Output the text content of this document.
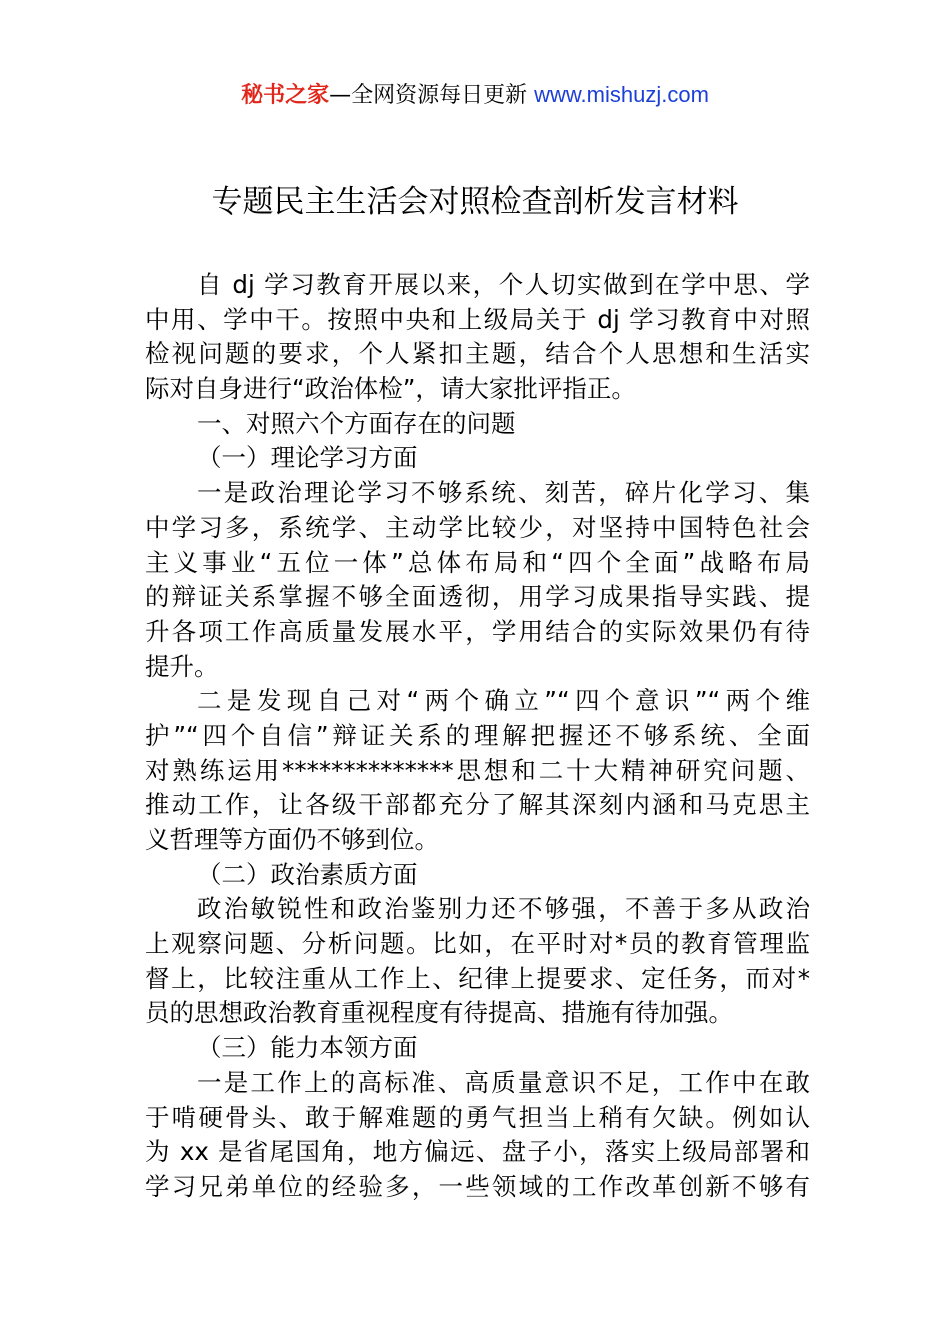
秘书之家—全网资源每日更新 www.mishuzj.com
专题民主生活会对照检查剖析发言材料
自 dj 学习教育开展以来，个人切实做到在学中思、学
中用、学中干。按照中央和上级局关于 dj 学习教育中对照
检视问题的要求，个人紧扣主题，结合个人思想和生活实
际对自身进行“政治体检”，请大家批评指正。
一、对照六个方面存在的问题
（一）理论学习方面
一是政治理论学习不够系统、刻苦，碎片化学习、集
中学习多，系统学、主动学比较少，对坚持中国特色社会
主义事业“五位一体”总体布局和“四个全面”战略布局
的辩证关系掌握不够全面透彻，用学习成果指导实践、提
升各项工作高质量发展水平，学用结合的实际效果仍有待
提升。
二是发现自己对“两个确立”“四个意识”“两个维
护”“四个自信”辩证关系的理解把握还不够系统、全面
对熟练运用**************思想和二十大精神研究问题、
推动工作，让各级干部都充分了解其深刻内涵和马克思主
义哲理等方面仍不够到位。
（二）政治素质方面
政治敏锐性和政治鉴别力还不够强，不善于多从政治
上观察问题、分析问题。比如，在平时对*员的教育管理监
督上，比较注重从工作上、纪律上提要求、定任务，而对*
员的思想政治教育重视程度有待提高、措施有待加强。
（三）能力本领方面
一是工作上的高标准、高质量意识不足，工作中在敢
于啃硬骨头、敢于解难题的勇气担当上稍有欠缺。例如认
为 xx 是省尾国角，地方偏远、盘子小，落实上级局部署和
学习兄弟单位的经验多，一些领域的工作改革创新不够有
